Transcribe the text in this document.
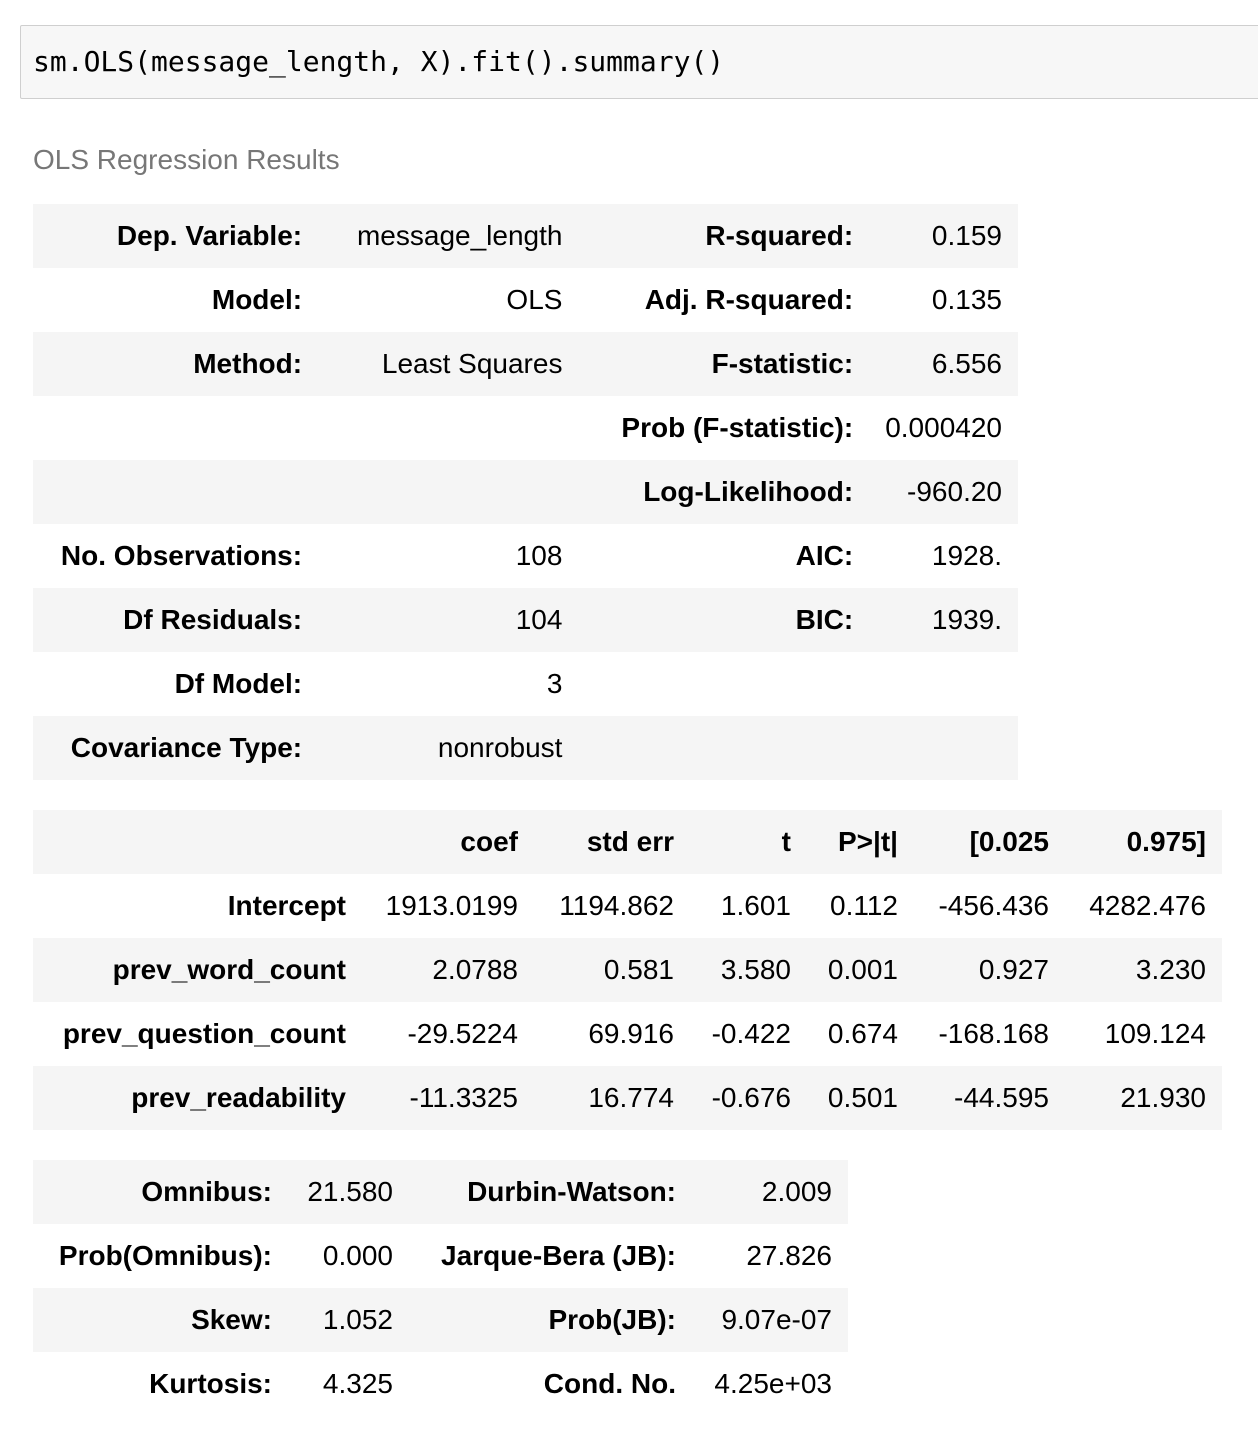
sm.OLS(message_length, X).fit().summary()
OLS Regression Results
Dep. Variable:	message_length	R-squared:	0.159
Model:	OLS	Adj. R-squared:	0.135
Method:	Least Squares	F-statistic:	6.556
		Prob (F-statistic):	0.000420
		Log-Likelihood:	-960.20
No. Observations:	108	AIC:	1928.
Df Residuals:	104	BIC:	1939.
Df Model:	3		
Covariance Type:	nonrobust		
	coef	std err	t	P>|t|	[0.025	0.975]
Intercept	1913.0199	1194.862	1.601	0.112	-456.436	4282.476
prev_word_count	2.0788	0.581	3.580	0.001	0.927	3.230
prev_question_count	-29.5224	69.916	-0.422	0.674	-168.168	109.124
prev_readability	-11.3325	16.774	-0.676	0.501	-44.595	21.930
Omnibus:	21.580	Durbin-Watson:	2.009
Prob(Omnibus):	0.000	Jarque-Bera (JB):	27.826
Skew:	1.052	Prob(JB):	9.07e-07
Kurtosis:	4.325	Cond. No.	4.25e+03
